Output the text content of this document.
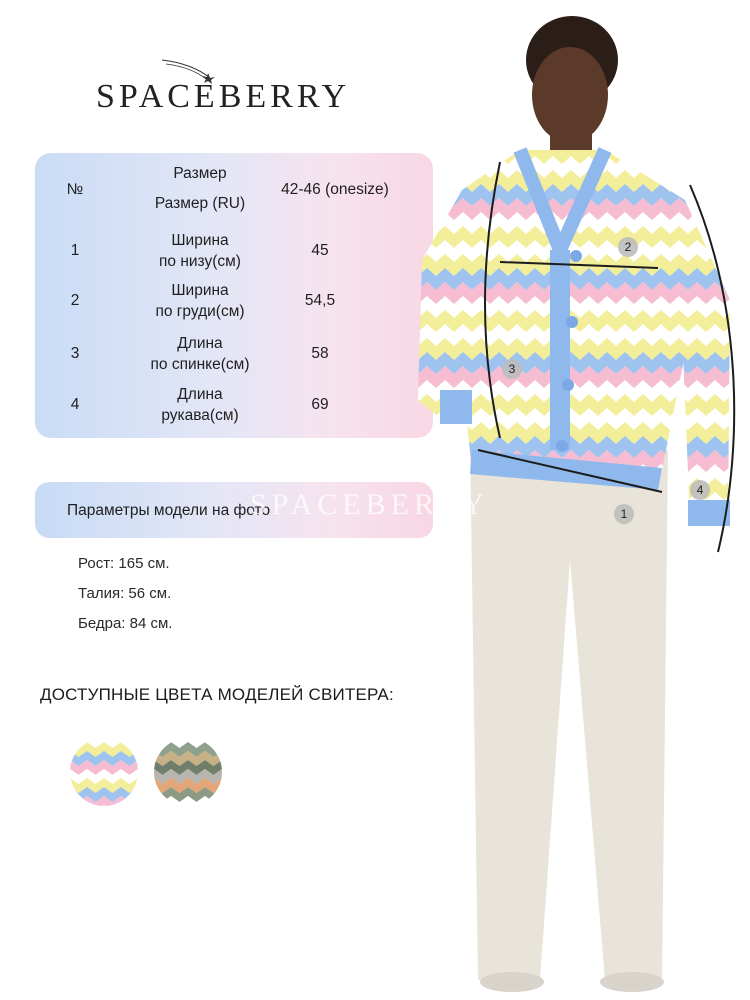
SPACEBERRY
№
Размер
Размер (RU)
42-46 (onesize)
1
Ширина
по низу(см)
45
2
Ширина
по груди(см)
54,5
3
Длина
по спинке(см)
58
4
Длина
рукава(см)
69
Параметры модели на фото
Рост: 165 см.
Талия: 56 см.
Бедра: 84 см.
ДОСТУПНЫЕ ЦВЕТА МОДЕЛЕЙ СВИТЕРА:
2
3
1
4
SPACEBERRY
